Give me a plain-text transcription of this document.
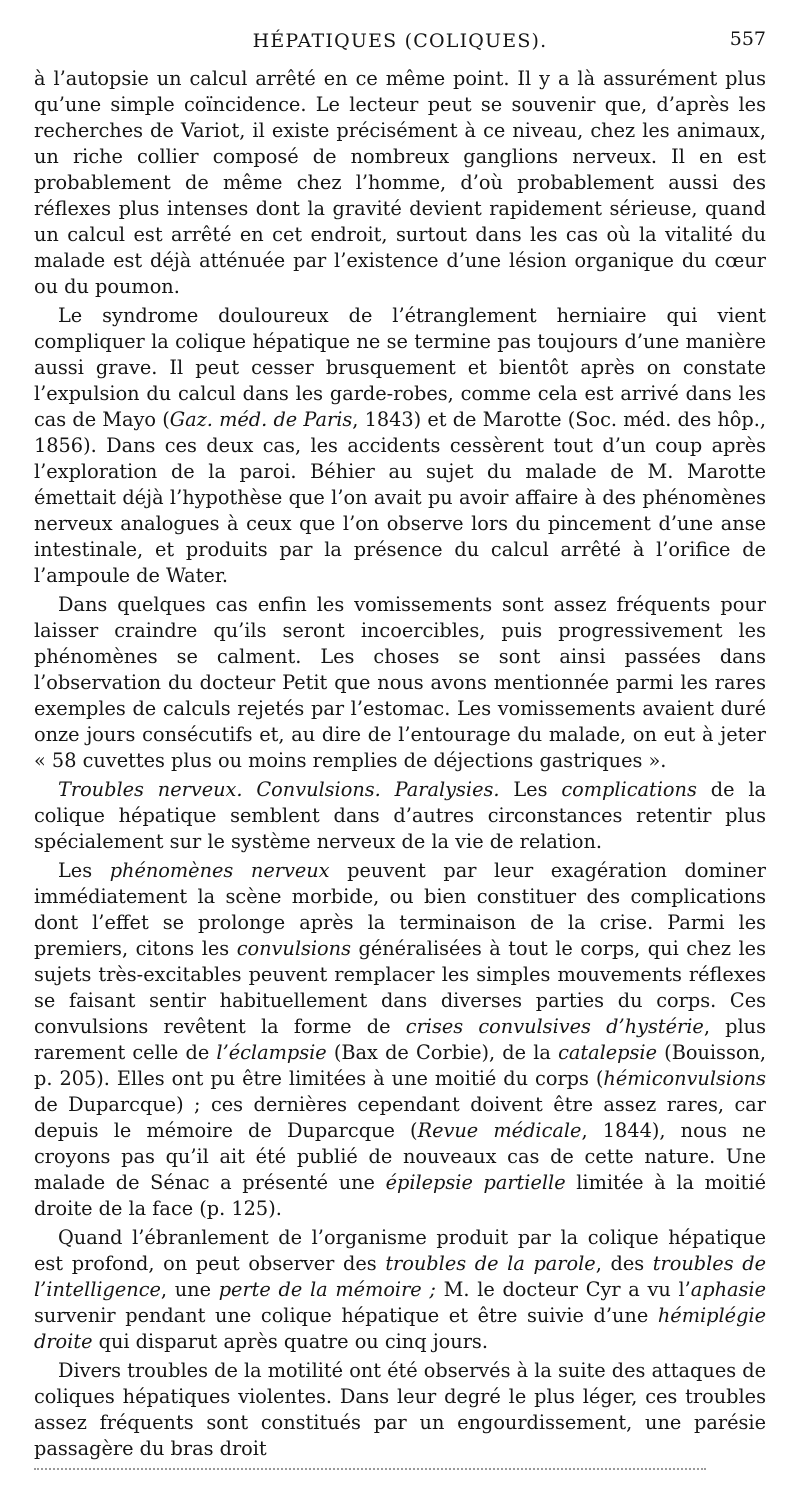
HÉPATIQUES (COLIQUES).	557

à l’autopsie un calcul arrêté en ce même point. Il y a là assurément plus qu’une simple coïncidence. Le lecteur peut se souvenir que, d’après les recherches de Variot, il existe précisément à ce niveau, chez les animaux, un riche collier composé de nombreux ganglions nerveux. Il en est probablement de même chez l’homme, d’où probablement aussi des réflexes plus intenses dont la gravité devient rapidement sérieuse, quand un calcul est arrêté en cet endroit, surtout dans les cas où la vitalité du malade est déjà atténuée par l’existence d’une lésion organique du cœur ou du poumon.

Le syndrome douloureux de l’étranglement herniaire qui vient compliquer la colique hépatique ne se termine pas toujours d’une manière aussi grave. Il peut cesser brusquement et bientôt après on constate l’expulsion du calcul dans les garde-robes, comme cela est arrivé dans les cas de Mayo (Gaz. méd. de Paris, 1843) et de Marotte (Soc. méd. des hôp., 1856). Dans ces deux cas, les accidents cessèrent tout d’un coup après l’exploration de la paroi. Béhier au sujet du malade de M. Marotte émettait déjà l’hypothèse que l’on avait pu avoir affaire à des phénomènes nerveux analogues à ceux que l’on observe lors du pincement d’une anse intestinale, et produits par la présence du calcul arrêté à l’orifice de l’ampoule de Water.

Dans quelques cas enfin les vomissements sont assez fréquents pour laisser craindre qu’ils seront incoercibles, puis progressivement les phénomènes se calment. Les choses se sont ainsi passées dans l’observation du docteur Petit que nous avons mentionnée parmi les rares exemples de calculs rejetés par l’estomac. Les vomissements avaient duré onze jours consécutifs et, au dire de l’entourage du malade, on eut à jeter « 58 cuvettes plus ou moins remplies de déjections gastriques ».

Troubles nerveux. Convulsions. Paralysies. Les complications de la colique hépatique semblent dans d’autres circonstances retentir plus spécialement sur le système nerveux de la vie de relation.

Les phénomènes nerveux peuvent par leur exagération dominer immédiatement la scène morbide, ou bien constituer des complications dont l’effet se prolonge après la terminaison de la crise. Parmi les premiers, citons les convulsions généralisées à tout le corps, qui chez les sujets très-excitables peuvent remplacer les simples mouvements réflexes se faisant sentir habituellement dans diverses parties du corps. Ces convulsions revêtent la forme de crises convulsives d’hystérie, plus rarement celle de l’éclampsie (Bax de Corbie), de la catalepsie (Bouisson, p. 205). Elles ont pu être limitées à une moitié du corps (hémiconvulsions de Duparcque) ; ces dernières cependant doivent être assez rares, car depuis le mémoire de Duparcque (Revue médicale, 1844), nous ne croyons pas qu’il ait été publié de nouveaux cas de cette nature. Une malade de Sénac a présenté une épilepsie partielle limitée à la moitié droite de la face (p. 125).

Quand l’ébranlement de l’organisme produit par la colique hépatique est profond, on peut observer des troubles de la parole, des troubles de l’intelligence, une perte de la mémoire ; M. le docteur Cyr a vu l’aphasie survenir pendant une colique hépatique et être suivie d’une hémiplégie droite qui disparut après quatre ou cinq jours.

Divers troubles de la motilité ont été observés à la suite des attaques de coliques hépatiques violentes. Dans leur degré le plus léger, ces troubles assez fréquents sont constitués par un engourdissement, une parésie passagère du bras droit
